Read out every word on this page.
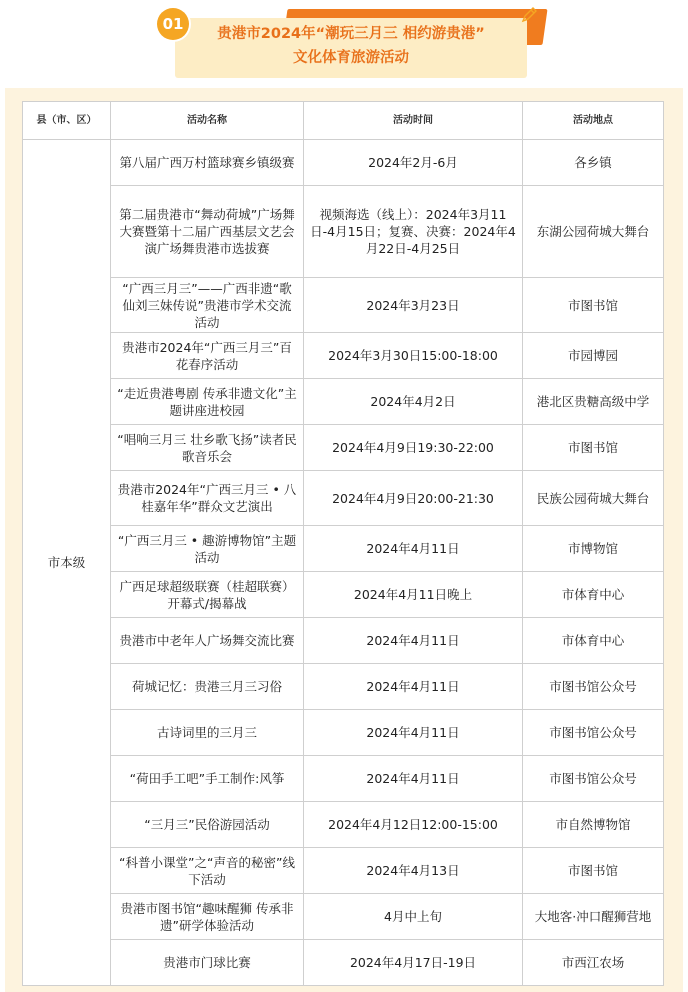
01
贵港市2024年“潮玩三月三 相约游贵港”
文化体育旅游活动
县（市、区）	活动名称	活动时间	活动地点
市本级	第八届广西万村篮球赛乡镇级赛	2024年2月-6月	各乡镇
	第二届贵港市“舞动荷城”广场舞大赛暨第十二届广西基层文艺会演广场舞贵港市选拔赛	视频海选（线上）：2024年3月11日-4月15日；复赛、决赛：2024年4月22日-4月25日	东湖公园荷城大舞台
	“广西三月三”——广西非遗“歌仙刘三妹传说”贵港市学术交流活动	2024年3月23日	市图书馆
	贵港市2024年“广西三月三”百花春序活动	2024年3月30日15:00-18:00	市园博园
	“走近贵港粤剧 传承非遗文化”主题讲座进校园	2024年4月2日	港北区贵糖高级中学
	“唱响三月三 壮乡歌飞扬”读者民歌音乐会	2024年4月9日19:30-22:00	市图书馆
	贵港市2024年“广西三月三 • 八桂嘉年华”群众文艺演出	2024年4月9日20:00-21:30	民族公园荷城大舞台
	“广西三月三 • 趣游博物馆”主题活动	2024年4月11日	市博物馆
	广西足球超级联赛（桂超联赛）开幕式/揭幕战	2024年4月11日晚上	市体育中心
	贵港市中老年人广场舞交流比赛	2024年4月11日	市体育中心
	荷城记忆：贵港三月三习俗	2024年4月11日	市图书馆公众号
	古诗词里的三月三	2024年4月11日	市图书馆公众号
	“荷田手工吧”手工制作:风筝	2024年4月11日	市图书馆公众号
	“三月三”民俗游园活动	2024年4月12日12:00-15:00	市自然博物馆
	“科普小课堂”之“声音的秘密”线下活动	2024年4月13日	市图书馆
	贵港市图书馆“趣味醒狮 传承非遗”研学体验活动	4月中上旬	大地客·冲口醒狮营地
	贵港市门球比赛	2024年4月17日-19日	市西江农场
